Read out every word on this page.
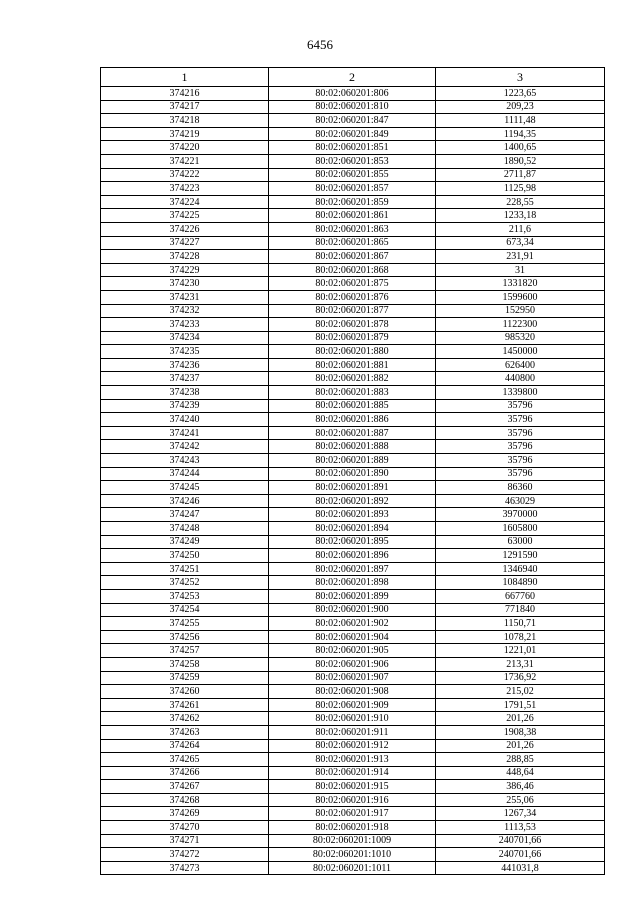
6456
1	2	3
374216	80:02:060201:806	1223,65
374217	80:02:060201:810	209,23
374218	80:02:060201:847	1111,48
374219	80:02:060201:849	1194,35
374220	80:02:060201:851	1400,65
374221	80:02:060201:853	1890,52
374222	80:02:060201:855	2711,87
374223	80:02:060201:857	1125,98
374224	80:02:060201:859	228,55
374225	80:02:060201:861	1233,18
374226	80:02:060201:863	211,6
374227	80:02:060201:865	673,34
374228	80:02:060201:867	231,91
374229	80:02:060201:868	31
374230	80:02:060201:875	1331820
374231	80:02:060201:876	1599600
374232	80:02:060201:877	152950
374233	80:02:060201:878	1122300
374234	80:02:060201:879	985320
374235	80:02:060201:880	1450000
374236	80:02:060201:881	626400
374237	80:02:060201:882	440800
374238	80:02:060201:883	1339800
374239	80:02:060201:885	35796
374240	80:02:060201:886	35796
374241	80:02:060201:887	35796
374242	80:02:060201:888	35796
374243	80:02:060201:889	35796
374244	80:02:060201:890	35796
374245	80:02:060201:891	86360
374246	80:02:060201:892	463029
374247	80:02:060201:893	3970000
374248	80:02:060201:894	1605800
374249	80:02:060201:895	63000
374250	80:02:060201:896	1291590
374251	80:02:060201:897	1346940
374252	80:02:060201:898	1084890
374253	80:02:060201:899	667760
374254	80:02:060201:900	771840
374255	80:02:060201:902	1150,71
374256	80:02:060201:904	1078,21
374257	80:02:060201:905	1221,01
374258	80:02:060201:906	213,31
374259	80:02:060201:907	1736,92
374260	80:02:060201:908	215,02
374261	80:02:060201:909	1791,51
374262	80:02:060201:910	201,26
374263	80:02:060201:911	1908,38
374264	80:02:060201:912	201,26
374265	80:02:060201:913	288,85
374266	80:02:060201:914	448,64
374267	80:02:060201:915	386,46
374268	80:02:060201:916	255,06
374269	80:02:060201:917	1267,34
374270	80:02:060201:918	1113,53
374271	80:02:060201:1009	240701,66
374272	80:02:060201:1010	240701,66
374273	80:02:060201:1011	441031,8
